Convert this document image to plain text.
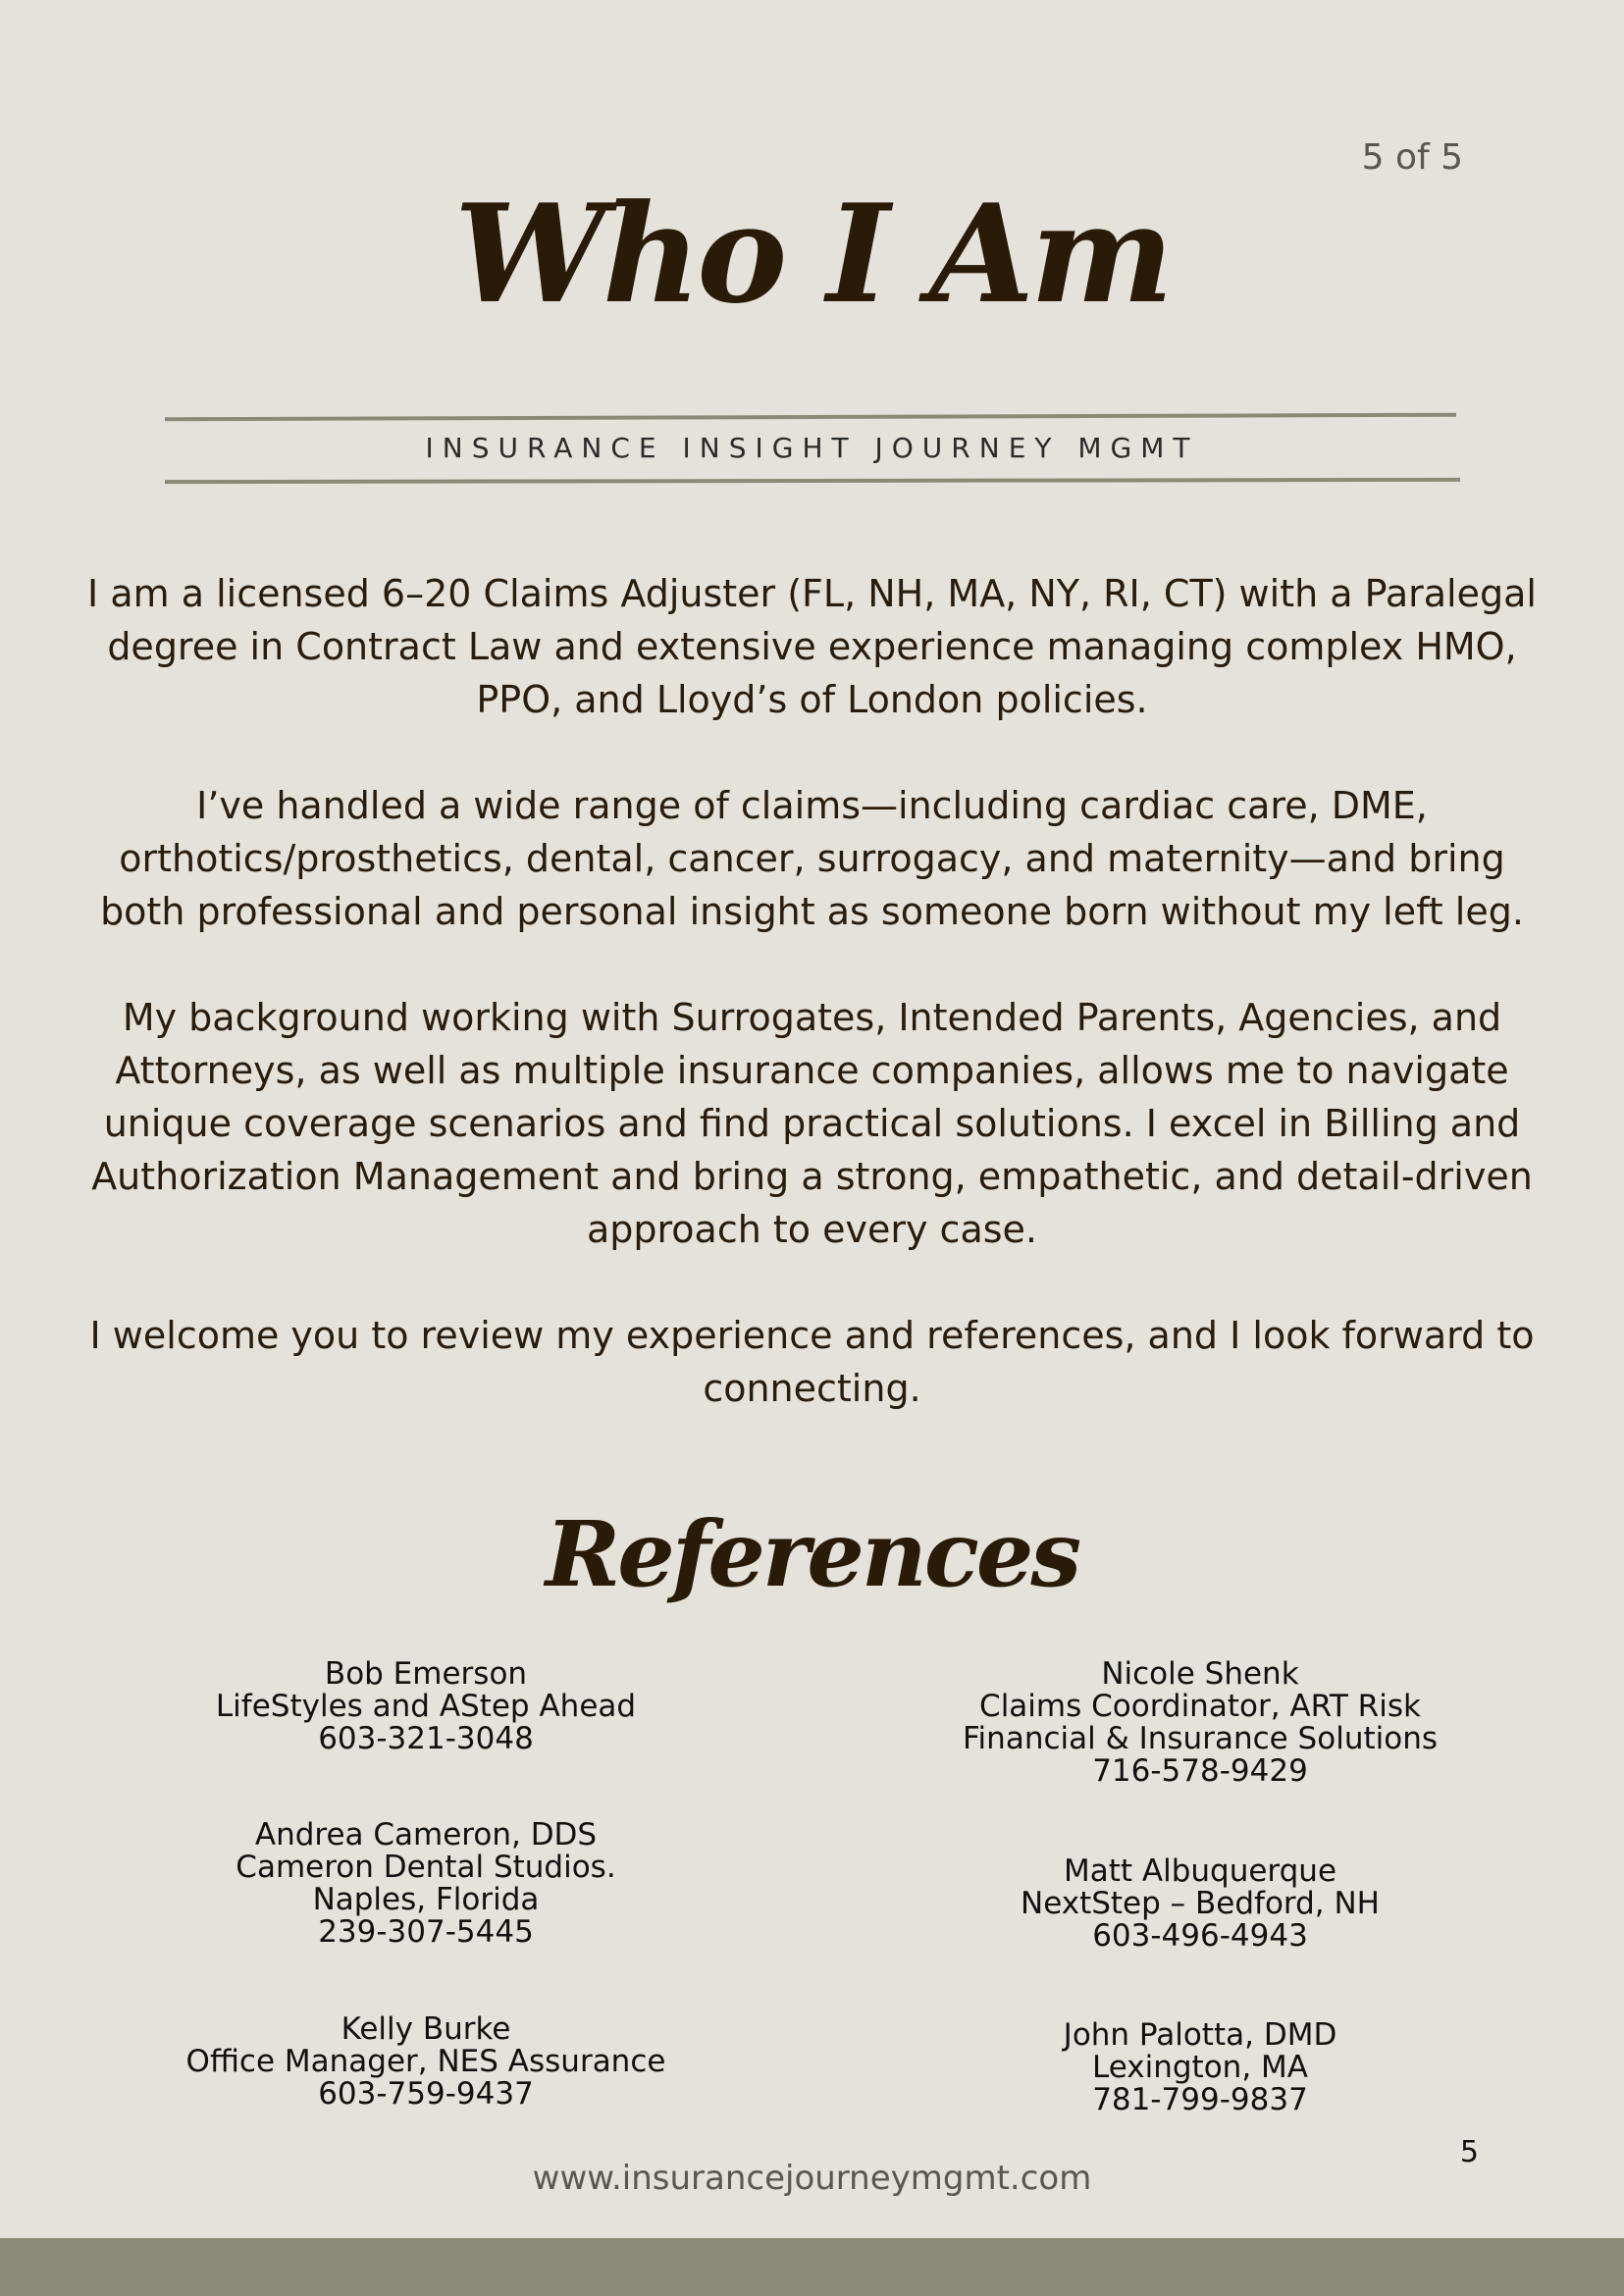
5 of 5
Who I Am
INSURANCE INSIGHT JOURNEY MGMT

I am a licensed 6–20 Claims Adjuster (FL, NH, MA, NY, RI, CT) with a Paralegal degree in Contract Law and extensive experience managing complex HMO, PPO, and Lloyd’s of London policies.

I’ve handled a wide range of claims—including cardiac care, DME, orthotics/prosthetics, dental, cancer, surrogacy, and maternity—and bring both professional and personal insight as someone born without my left leg.

My background working with Surrogates, Intended Parents, Agencies, and Attorneys, as well as multiple insurance companies, allows me to navigate unique coverage scenarios and find practical solutions. I excel in Billing and Authorization Management and bring a strong, empathetic, and detail-driven approach to every case.

I welcome you to review my experience and references, and I look forward to connecting.

References
Bob Emerson
LifeStyles and AStep Ahead
603-321-3048
Andrea Cameron, DDS
Cameron Dental Studios.
Naples, Florida
239-307-5445
Kelly Burke
Office Manager, NES Assurance
603-759-9437
Nicole Shenk
Claims Coordinator, ART Risk
Financial & Insurance Solutions
716-578-9429
Matt Albuquerque
NextStep – Bedford, NH
603-496-4943
John Palotta, DMD
Lexington, MA
781-799-9837
5
www.insurancejourneymgmt.com
